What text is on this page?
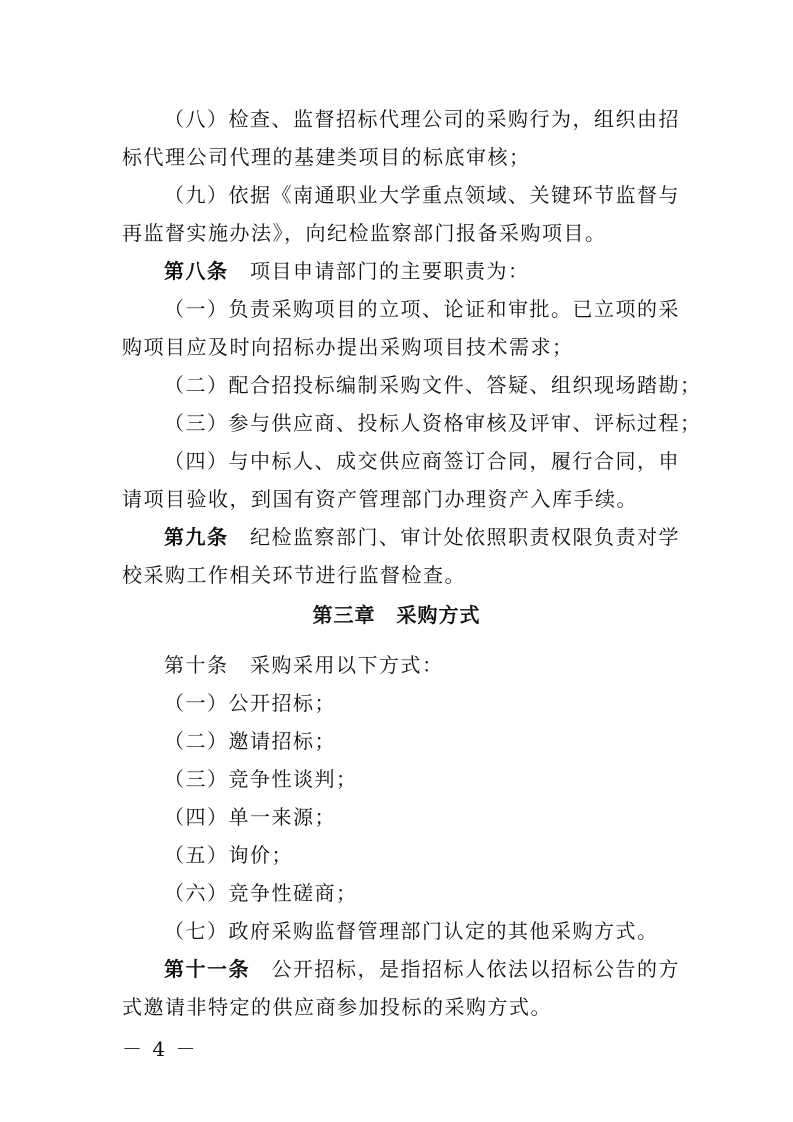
（八）检查、监督招标代理公司的采购行为，组织由招
标代理公司代理的基建类项目的标底审核；
（九）依据《南通职业大学重点领域、关键环节监督与
再监督实施办法》，向纪检监察部门报备采购项目。
第八条　 项目申请部门的主要职责为：
（一）负责采购项目的立项、论证和审批。已立项的采
购项目应及时向招标办提出采购项目技术需求；
（二）配合招投标编制采购文件、答疑、组织现场踏勘；
（三）参与供应商、投标人资格审核及评审、评标过程；
（四）与中标人、成交供应商签订合同，履行合同，申
请项目验收，到国有资产管理部门办理资产入库手续。
第九条　 纪检监察部门、审计处依照职责权限负责对学
校采购工作相关环节进行监督检查。
第三章　采购方式
第十条　 采购采用以下方式：
（一）公开招标；
（二）邀请招标；
（三）竞争性谈判；
（四）单一来源；
（五）询价；
（六）竞争性磋商；
（七）政府采购监督管理部门认定的其他采购方式。
第十一条　 公开招标，是指招标人依法以招标公告的方
式邀请非特定的供应商参加投标的采购方式。
－ 4 －
